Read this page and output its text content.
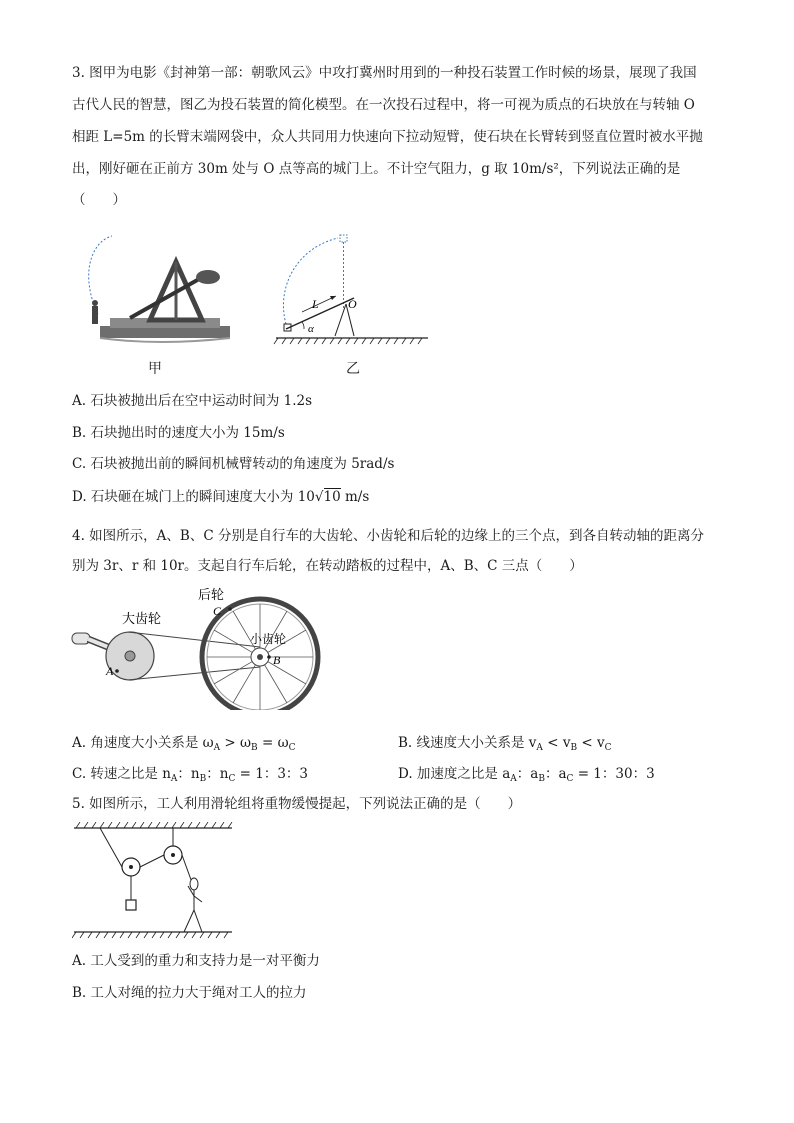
3. 图甲为电影《封神第一部：朝歌风云》中攻打冀州时用到的一种投石装置工作时候的场景，展现了我国
古代人民的智慧，图乙为投石装置的简化模型。在一次投石过程中，将一可视为质点的石块放在与转轴 O
相距 L=5m 的长臂末端网袋中，众人共同用力快速向下拉动短臂，使石块在长臂转到竖直位置时被水平抛
出，刚好砸在正前方 30m 处与 O 点等高的城门上。不计空气阻力，g 取 10m/s²，下列说法正确的是
（　　）
甲
L O
α
乙
A. 石块被抛出后在空中运动时间为 1.2s
B. 石块抛出时的速度大小为 15m/s
C. 石块被抛出前的瞬间机械臂转动的角速度为 5rad/s
D. 石块砸在城门上的瞬间速度大小为 10√10 m/s
4. 如图所示，A、B、C 分别是自行车的大齿轮、小齿轮和后轮的边缘上的三个点，到各自转动轴的距离分
别为 3r、r 和 10r。支起自行车后轮，在转动踏板的过程中，A、B、C 三点（　　）
后轮
大齿轮
小齿轮
A
B
C
A. 角速度大小关系是 $\omega_A > \omega_B = \omega_C$	B. 线速度大小关系是 $v_A < v_B < v_C$
C. 转速之比是 $n_A$：$n_B$：$n_C = 1$：3：3	D. 加速度之比是 $a_A$：$a_B$：$a_C = 1$：30：3
5. 如图所示，工人利用滑轮组将重物缓慢提起，下列说法正确的是（　　）
A. 工人受到的重力和支持力是一对平衡力
B. 工人对绳的拉力大于绳对工人的拉力
